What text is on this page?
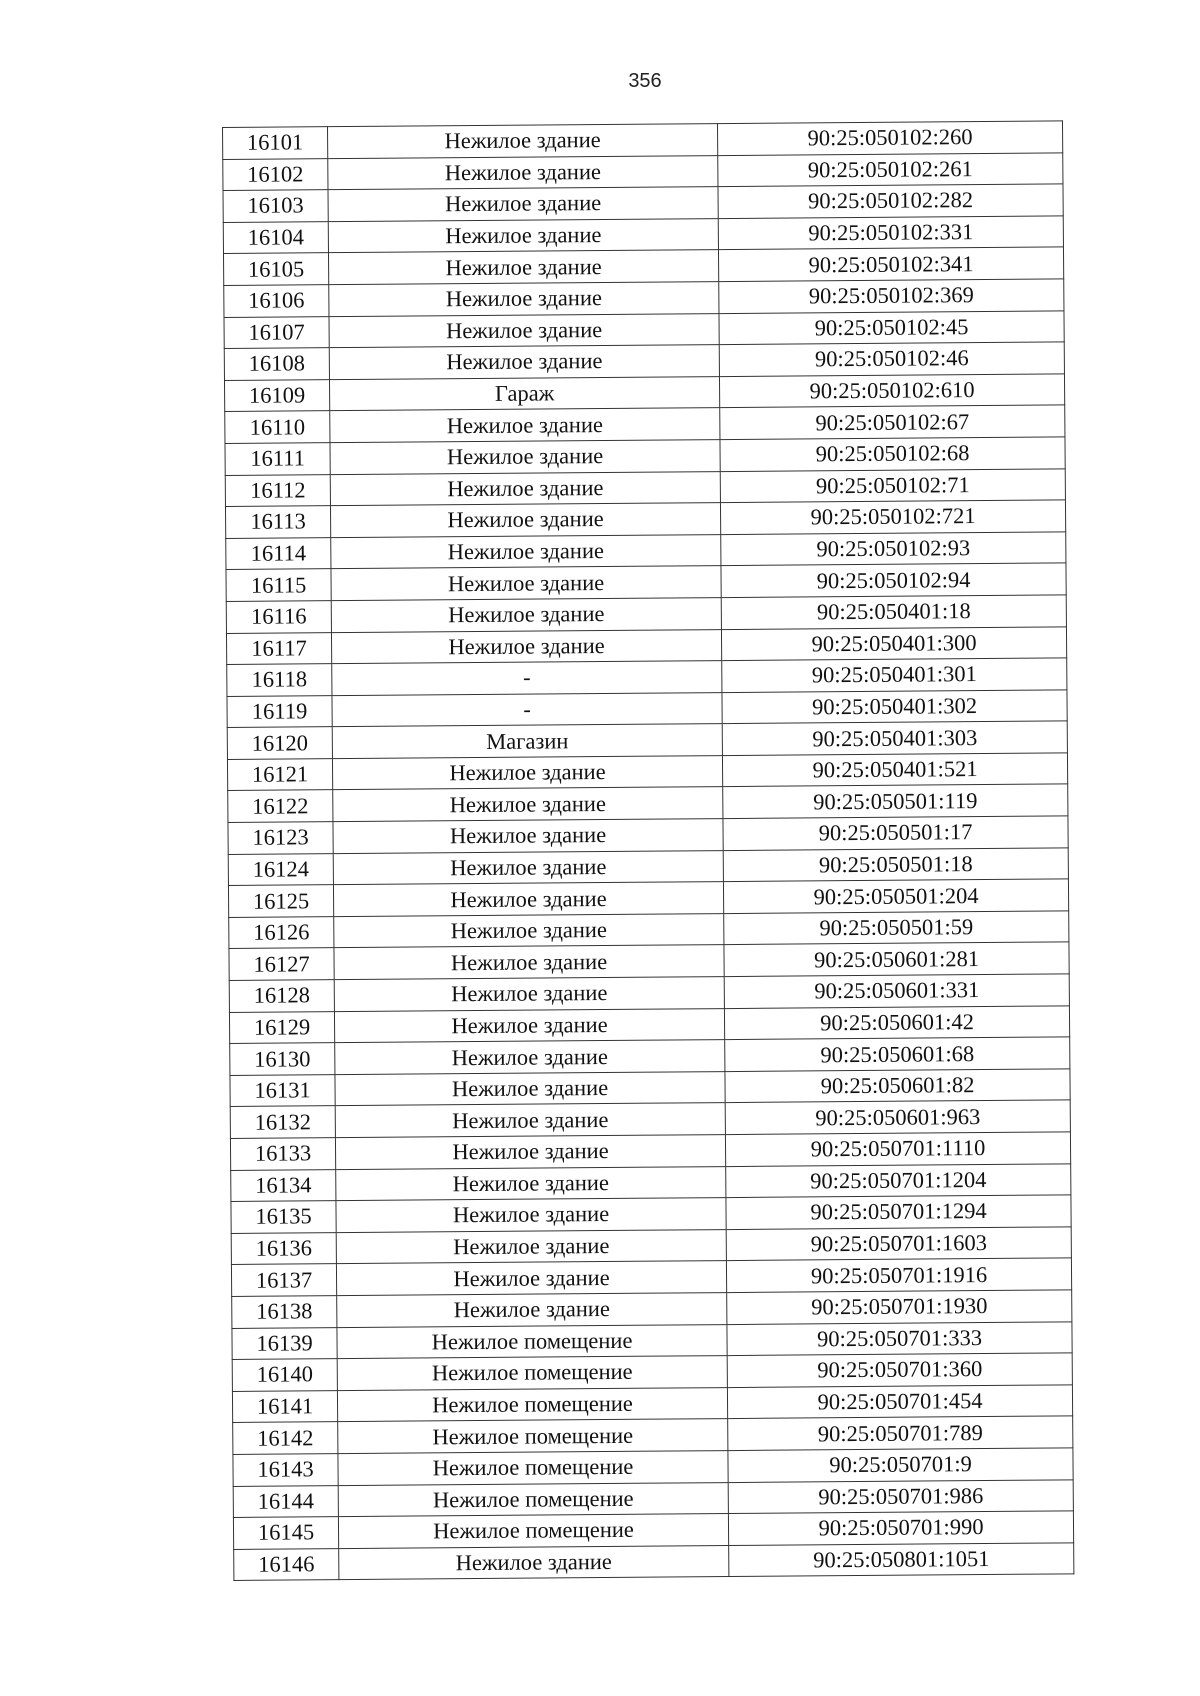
356
16101	Нежилое здание	90:25:050102:260
16102	Нежилое здание	90:25:050102:261
16103	Нежилое здание	90:25:050102:282
16104	Нежилое здание	90:25:050102:331
16105	Нежилое здание	90:25:050102:341
16106	Нежилое здание	90:25:050102:369
16107	Нежилое здание	90:25:050102:45
16108	Нежилое здание	90:25:050102:46
16109	Гараж	90:25:050102:610
16110	Нежилое здание	90:25:050102:67
16111	Нежилое здание	90:25:050102:68
16112	Нежилое здание	90:25:050102:71
16113	Нежилое здание	90:25:050102:721
16114	Нежилое здание	90:25:050102:93
16115	Нежилое здание	90:25:050102:94
16116	Нежилое здание	90:25:050401:18
16117	Нежилое здание	90:25:050401:300
16118	-	90:25:050401:301
16119	-	90:25:050401:302
16120	Магазин	90:25:050401:303
16121	Нежилое здание	90:25:050401:521
16122	Нежилое здание	90:25:050501:119
16123	Нежилое здание	90:25:050501:17
16124	Нежилое здание	90:25:050501:18
16125	Нежилое здание	90:25:050501:204
16126	Нежилое здание	90:25:050501:59
16127	Нежилое здание	90:25:050601:281
16128	Нежилое здание	90:25:050601:331
16129	Нежилое здание	90:25:050601:42
16130	Нежилое здание	90:25:050601:68
16131	Нежилое здание	90:25:050601:82
16132	Нежилое здание	90:25:050601:963
16133	Нежилое здание	90:25:050701:1110
16134	Нежилое здание	90:25:050701:1204
16135	Нежилое здание	90:25:050701:1294
16136	Нежилое здание	90:25:050701:1603
16137	Нежилое здание	90:25:050701:1916
16138	Нежилое здание	90:25:050701:1930
16139	Нежилое помещение	90:25:050701:333
16140	Нежилое помещение	90:25:050701:360
16141	Нежилое помещение	90:25:050701:454
16142	Нежилое помещение	90:25:050701:789
16143	Нежилое помещение	90:25:050701:9
16144	Нежилое помещение	90:25:050701:986
16145	Нежилое помещение	90:25:050701:990
16146	Нежилое здание	90:25:050801:1051
